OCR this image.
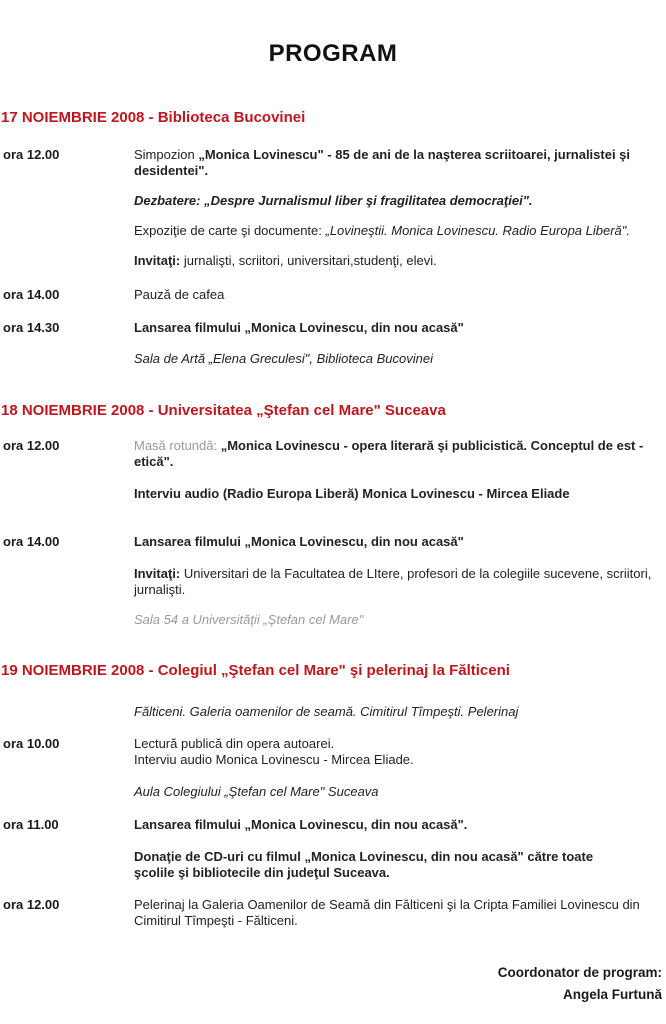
PROGRAM
17 NOIEMBRIE 2008 - Biblioteca Bucovinei
ora 12.00	Simpozion „Monica Lovinescu" - 85 de ani de la naşterea scriitoarei, jurnalistei şi desidentei".
Dezbatere: „Despre Jurnalismul liber şi fragilitatea democraţiei".
Expoziţie de carte şi documente: „Lovineştii. Monica Lovinescu. Radio Europa Liberă".
Invitaţi: jurnalişti, scriitori, universitari,studenţi, elevi.
ora 14.00	Pauză de cafea
ora 14.30	Lansarea filmului „Monica Lovinescu, din nou acasă"
Sala de Artă „Elena Greculesi", Biblioteca Bucovinei
18 NOIEMBRIE 2008 - Universitatea „Ştefan cel Mare" Suceava
ora 12.00	Masă rotundă: „Monica Lovinescu - opera literară şi publicistică. Conceptul de est - etică".
Interviu audio (Radio Europa Liberă) Monica Lovinescu - Mircea Eliade
ora 14.00	Lansarea filmului „Monica Lovinescu, din nou acasă"
Invitaţi: Universitari de la Facultatea de LItere, profesori de la colegiile sucevene, scriitori, jurnalişti.
Sala 54 a Universităţii „Ştefan cel Mare"
19 NOIEMBRIE 2008 - Colegiul „Ştefan cel Mare" şi pelerinaj la Fălticeni
Fălticeni. Galeria oamenilor de seamă. Cimitirul Tîmpeşti. Pelerinaj
ora 10.00	Lectură publică din opera autoarei.
Interviu audio Monica Lovinescu - Mircea Eliade.
Aula Colegiului „Ştefan cel Mare" Suceava
ora 11.00	Lansarea filmului „Monica Lovinescu, din nou acasă".
Donaţie de CD-uri cu filmul „Monica Lovinescu, din nou acasă" către toate şcolile şi bibliotecile din judeţul Suceava.
ora 12.00	Pelerinaj la Galeria Oamenilor de Seamă din Fălticeni şi la Cripta Familiei Lovinescu din Cimitirul Tîmpeşti - Fălticeni.
Coordonator de program:
Angela Furtună
